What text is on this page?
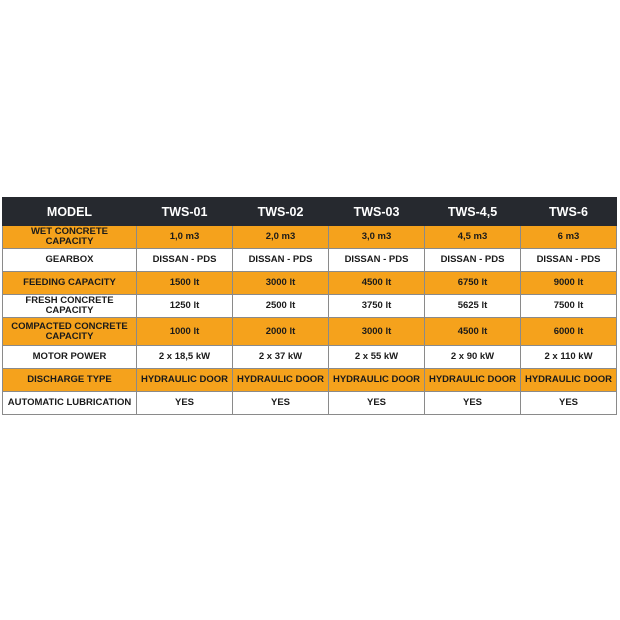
MODEL	TWS-01	TWS-02	TWS-03	TWS-4,5	TWS-6
WET CONCRETE CAPACITY	1,0 m3	2,0 m3	3,0 m3	4,5 m3	6 m3
GEARBOX	DISSAN - PDS	DISSAN - PDS	DISSAN - PDS	DISSAN - PDS	DISSAN - PDS
FEEDING CAPACITY	1500 lt	3000 lt	4500 lt	6750 lt	9000 lt
FRESH CONCRETE CAPACITY	1250 lt	2500 lt	3750 lt	5625 lt	7500 lt
COMPACTED CONCRETE CAPACITY	1000 lt	2000 lt	3000 lt	4500 lt	6000 lt
MOTOR POWER	2 x 18,5 kW	2 x 37 kW	2 x 55 kW	2 x 90 kW	2 x 110 kW
DISCHARGE TYPE	HYDRAULIC DOOR	HYDRAULIC DOOR	HYDRAULIC DOOR	HYDRAULIC DOOR	HYDRAULIC DOOR
AUTOMATIC LUBRICATION	YES	YES	YES	YES	YES
